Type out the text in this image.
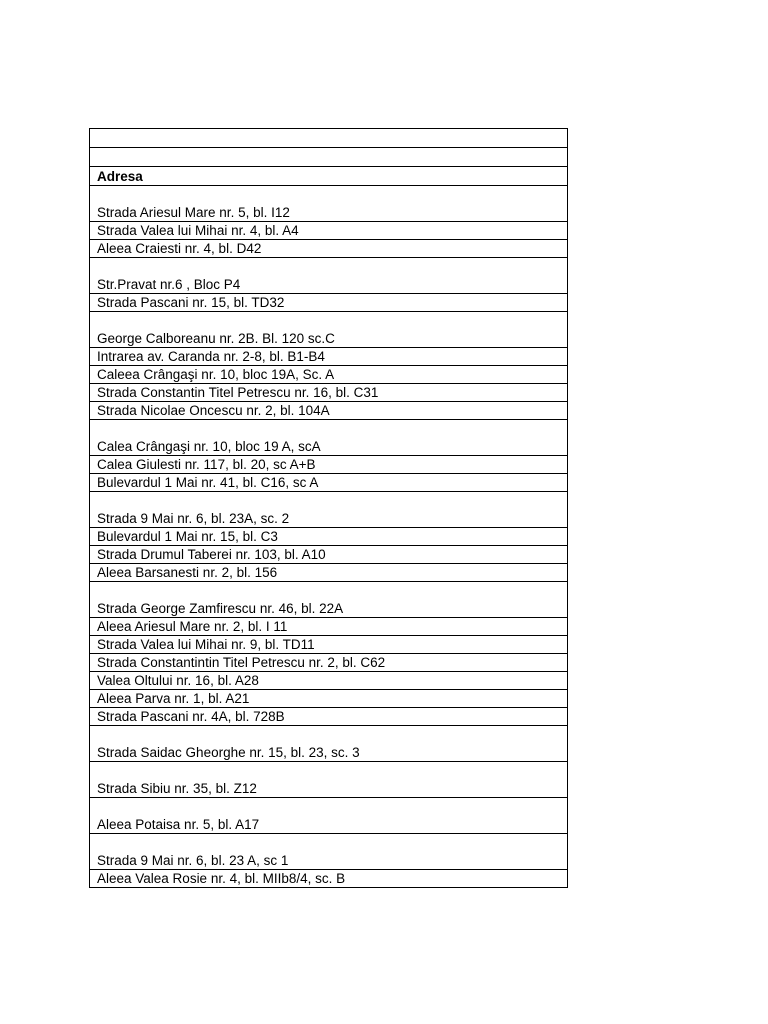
Adresa
Strada Ariesul Mare nr. 5, bl. I12
Strada Valea lui Mihai nr. 4, bl. A4
Aleea Craiesti nr. 4, bl. D42
Str.Pravat nr.6 , Bloc P4
Strada Pascani nr. 15, bl. TD32
George Calboreanu nr. 2B. Bl. 120 sc.C
Intrarea av. Caranda nr. 2-8, bl. B1-B4
Caleea Crângaşi nr. 10, bloc 19A, Sc. A
Strada Constantin Titel Petrescu nr. 16, bl. C31
Strada Nicolae Oncescu nr. 2, bl. 104A
Calea Crângaşi nr. 10, bloc 19 A, scA
Calea Giulesti nr. 117, bl. 20, sc A+B
Bulevardul 1 Mai nr. 41, bl. C16, sc A
Strada 9 Mai nr. 6, bl. 23A, sc. 2
Bulevardul 1 Mai nr. 15, bl. C3
Strada Drumul Taberei nr. 103, bl. A10
Aleea Barsanesti nr. 2, bl. 156
Strada George Zamfirescu nr. 46, bl. 22A
Aleea Ariesul Mare nr. 2, bl. I 11
Strada Valea lui Mihai nr. 9, bl. TD11
Strada Constantintin Titel Petrescu nr. 2, bl. C62
Valea Oltului nr. 16, bl. A28
Aleea Parva nr. 1, bl. A21
Strada Pascani nr. 4A, bl. 728B
Strada Saidac Gheorghe nr. 15, bl. 23, sc. 3
Strada Sibiu nr. 35, bl. Z12
Aleea Potaisa nr. 5, bl. A17
Strada 9 Mai nr. 6, bl. 23 A, sc 1
Aleea Valea Rosie nr. 4, bl. MIIb8/4, sc. B
